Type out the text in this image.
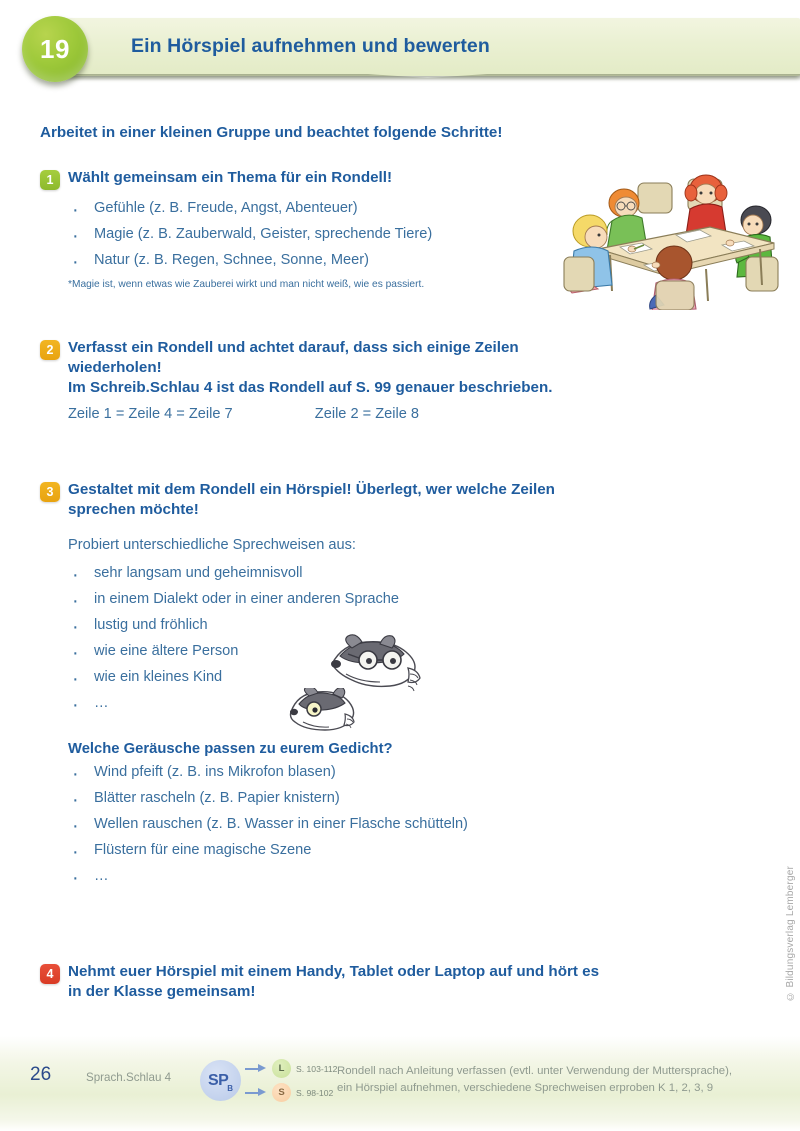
19	Ein Hörspiel aufnehmen und bewerten
Arbeitet in einer kleinen Gruppe und beachtet folgende Schritte!
1 Wählt gemeinsam ein Thema für ein Rondell!
· Gefühle (z. B. Freude, Angst, Abenteuer)
· Magie (z. B. Zauberwald, Geister, sprechende Tiere)
· Natur (z. B. Regen, Schnee, Sonne, Meer)
*Magie ist, wenn etwas wie Zauberei wirkt und man nicht weiß, wie es passiert.
2 Verfasst ein Rondell und achtet darauf, dass sich einige Zeilen
wiederholen!
Im Schreib.Schlau 4 ist das Rondell auf S. 99 genauer beschrieben.
Zeile 1 = Zeile 4 = Zeile 7	Zeile 2 = Zeile 8
3 Gestaltet mit dem Rondell ein Hörspiel! Überlegt, wer welche Zeilen
sprechen möchte!
Probiert unterschiedliche Sprechweisen aus:
· sehr langsam und geheimnisvoll
· in einem Dialekt oder in einer anderen Sprache
· lustig und fröhlich
· wie eine ältere Person
· wie ein kleines Kind
· …
Welche Geräusche passen zu eurem Gedicht?
· Wind pfeift (z. B. ins Mikrofon blasen)
· Blätter rascheln (z. B. Papier knistern)
· Wellen rauschen (z. B. Wasser in einer Flasche schütteln)
· Flüstern für eine magische Szene
· …
4 Nehmt euer Hörspiel mit einem Handy, Tablet oder Laptop auf und hört es
in der Klasse gemeinsam!	© Bildungsverlag Lemberger
26	Sprach.Schlau 4 SP B
L	S. 103-112
S	S. 98-102
Rondell nach Anleitung verfassen (evtl. unter Verwendung der Muttersprache),
ein Hörspiel aufnehmen, verschiedene Sprechweisen erproben K 1, 2, 3, 9
